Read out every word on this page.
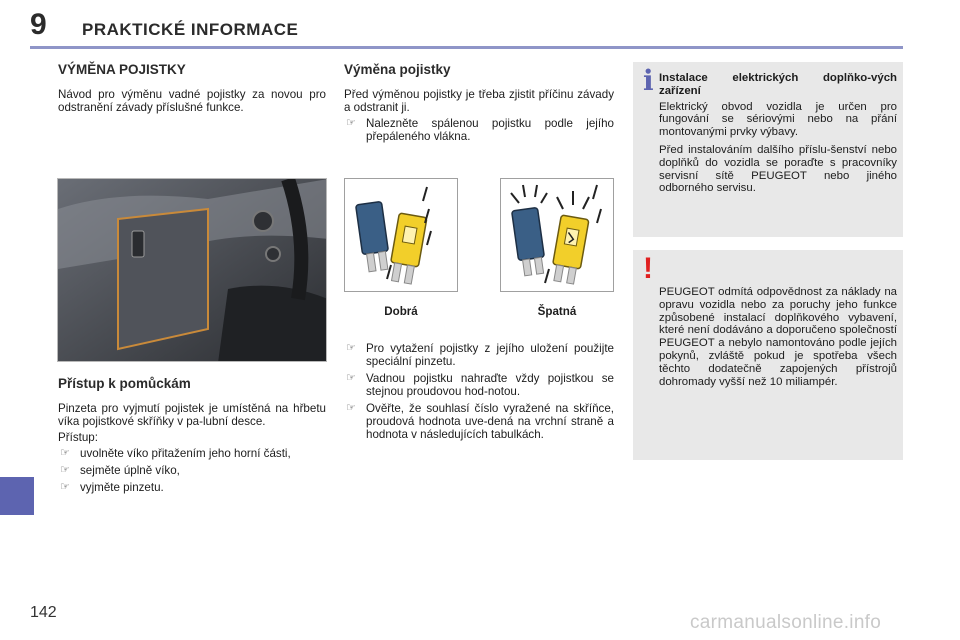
9 PRAKTICKÉ INFORMACE
VÝMĚNA POJISTKY
Návod pro výměnu vadné pojistky za novou pro odstranění závady příslušné funkce.
Přístup k pomůckám

Pinzeta pro vyjmutí pojistek je umístěná na hřbetu víka pojistkové skříňky v pa-lubní desce.

Přístup:

☞ uvolněte víko přitažením jeho horní části,
☞ sejměte úplně víko,
☞ vyjměte pinzetu.
Výměna pojistky

Před výměnou pojistky je třeba zjistit příčinu závady a odstranit ji.

☞ Nalezněte spálenou pojistku podle jejího přepáleného vlákna.
Dobrá	Špatná
☞ Pro vytažení pojistky z jejího uložení použijte speciální pinzetu.
☞ Vadnou pojistku nahraďte vždy pojistkou se stejnou proudovou hod-notou.
☞ Ověřte, že souhlasí číslo vyražené na skříňce, proudová hodnota uve-dená na vrchní straně a hodnota v následujících tabulkách.
i Instalace elektrických doplňko-vých zařízení

Elektrický obvod vozidla je určen pro fungování se sériovými nebo na přání montovanými prvky výbavy.

Před instalováním dalšího příslu-šenství nebo doplňků do vozidla se poraďte s pracovníky servisní sítě PEUGEOT nebo jiného odborného servisu.

!

PEUGEOT odmítá odpovědnost za náklady na opravu vozidla nebo za poruchy jeho funkce způsobené instalací doplňkového vybavení, které není dodáváno a doporučeno společností PEUGEOT a nebylo namontováno podle jejích pokynů, zvláště pokud je spotřeba všech těchto dodatečně zapojených přístrojů dohromady vyšší než 10 miliampér.

142	carmanualsonline.info
